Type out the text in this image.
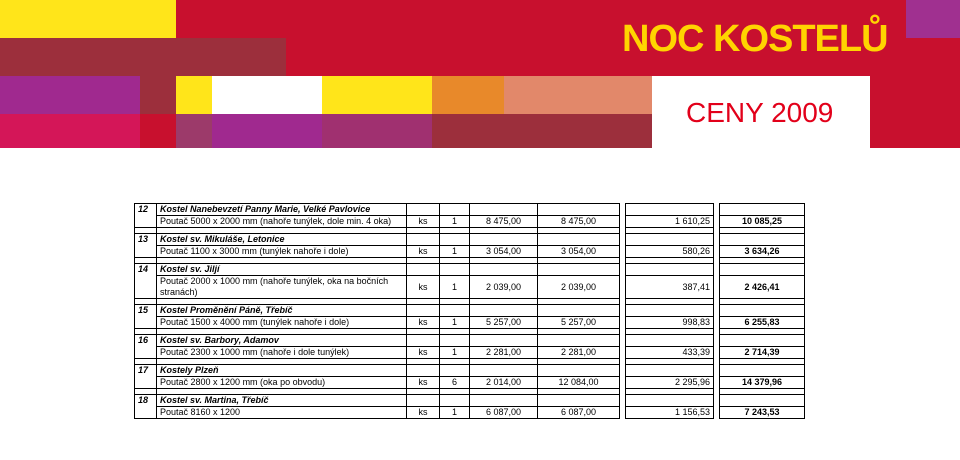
NOC KOSTELŮ
CENY 2009
12	Kostel Nanebevzetí Panny Marie, Velké Pavlovice								
	Poutač 5000 x 2000 mm (nahoře tunýlek, dole min. 4 oka)	ks	1	8 475,00	8 475,00		1 610,25		10 085,25

13	Kostel sv. Mikuláše, Letonice								
	Poutač 1100 x 3000 mm (tunýlek nahoře i dole)	ks	1	3 054,00	3 054,00		580,26		3 634,26

14	Kostel sv. Jiljí								
	Poutač 2000 x 1000 mm (nahoře tunýlek, oka na bočních stranách)	ks	1	2 039,00	2 039,00		387,41		2 426,41

15	Kostel Proměnění Páně, Třebíč								
	Poutač 1500 x 4000 mm (tunýlek nahoře i dole)	ks	1	5 257,00	5 257,00		998,83		6 255,83

16	Kostel sv. Barbory, Adamov								
	Poutač 2300 x 1000 mm (nahoře i dole tunýlek)	ks	1	2 281,00	2 281,00		433,39		2 714,39

17	Kostely Plzeň								
	Poutač 2800 x 1200 mm (oka po obvodu)	ks	6	2 014,00	12 084,00		2 295,96		14 379,96

18	Kostel sv. Martina, Třebíč								
	Poutač 8160 x 1200	ks	1	6 087,00	6 087,00		1 156,53		7 243,53
